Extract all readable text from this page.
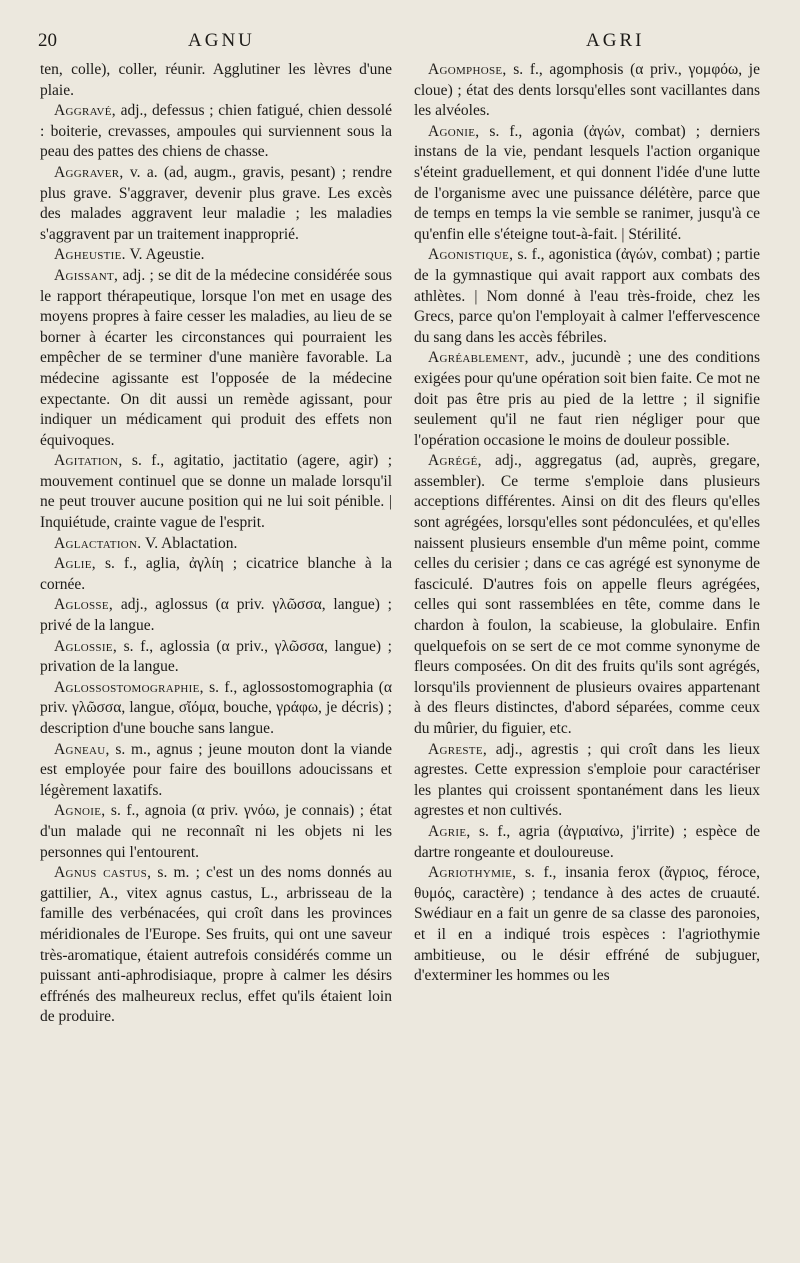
20	AGNU	AGRI

ten, colle), coller, réunir. Agglutiner les lèvres d'une plaie.

Aggravé, adj., defessus ; chien fatigué, chien dessolé : boiterie, crevasses, ampoules qui surviennent sous la peau des pattes des chiens de chasse.

Aggraver, v. a. (ad, augm., gravis, pesant) ; rendre plus grave. S'aggraver, devenir plus grave. Les excès des malades aggravent leur maladie ; les maladies s'aggravent par un traitement inapproprié.

Agheustie. V. Ageustie.

Agissant, adj. ; se dit de la médecine considérée sous le rapport thérapeutique, lorsque l'on met en usage des moyens propres à faire cesser les maladies, au lieu de se borner à écarter les circonstances qui pourraient les empêcher de se terminer d'une manière favorable. La médecine agissante est l'opposée de la médecine expectante. On dit aussi un remède agissant, pour indiquer un médicament qui produit des effets non équivoques.

Agitation, s. f., agitatio, jactitatio (agere, agir) ; mouvement continuel que se donne un malade lorsqu'il ne peut trouver aucune position qui ne lui soit pénible. | Inquiétude, crainte vague de l'esprit.

Aglactation. V. Ablactation.

Aglie, s. f., aglia, ἀγλίη ; cicatrice blanche à la cornée.

Aglosse, adj., aglossus (α priv. γλῶσσα, langue) ; privé de la langue.

Aglossie, s. f., aglossia (α priv., γλῶσσα, langue) ; privation de la langue.

Aglossostomographie, s. f., aglossostomographia (α priv. γλῶσσα, langue, σἴόμα, bouche, γράφω, je décris) ; description d'une bouche sans langue.

Agneau, s. m., agnus ; jeune mouton dont la viande est employée pour faire des bouillons adoucissans et légèrement laxatifs.

Agnoie, s. f., agnoia (α priv. γνόω, je connais) ; état d'un malade qui ne reconnaît ni les objets ni les personnes qui l'entourent.

Agnus castus, s. m. ; c'est un des noms donnés au gattilier, A., vitex agnus castus, L., arbrisseau de la famille des verbénacées, qui croît dans les provinces méridionales de l'Europe. Ses fruits, qui ont une saveur très-aromatique, étaient autrefois considérés comme un puissant anti-aphrodisiaque, propre à calmer les désirs effrénés des malheureux reclus, effet qu'ils étaient loin de produire.

Agomphose, s. f., agomphosis (α priv., γομφόω, je cloue) ; état des dents lorsqu'elles sont vacillantes dans les alvéoles.

Agonie, s. f., agonia (ἀγών, combat) ; derniers instans de la vie, pendant lesquels l'action organique s'éteint graduellement, et qui donnent l'idée d'une lutte de l'organisme avec une puissance délétère, parce que de temps en temps la vie semble se ranimer, jusqu'à ce qu'enfin elle s'éteigne tout-à-fait. | Stérilité.

Agonistique, s. f., agonistica (ἀγών, combat) ; partie de la gymnastique qui avait rapport aux combats des athlètes. | Nom donné à l'eau très-froide, chez les Grecs, parce qu'on l'employait à calmer l'effervescence du sang dans les accès fébriles.

Agréablement, adv., jucundè ; une des conditions exigées pour qu'une opération soit bien faite. Ce mot ne doit pas être pris au pied de la lettre ; il signifie seulement qu'il ne faut rien négliger pour que l'opération occasione le moins de douleur possible.

Agrégé, adj., aggregatus (ad, auprès, gregare, assembler). Ce terme s'emploie dans plusieurs acceptions différentes. Ainsi on dit des fleurs qu'elles sont agrégées, lorsqu'elles sont pédonculées, et qu'elles naissent plusieurs ensemble d'un même point, comme celles du cerisier ; dans ce cas agrégé est synonyme de fasciculé. D'autres fois on appelle fleurs agrégées, celles qui sont rassemblées en tête, comme dans le chardon à foulon, la scabieuse, la globulaire. Enfin quelquefois on se sert de ce mot comme synonyme de fleurs composées. On dit des fruits qu'ils sont agrégés, lorsqu'ils proviennent de plusieurs ovaires appartenant à des fleurs distinctes, d'abord séparées, comme ceux du mûrier, du figuier, etc.

Agreste, adj., agrestis ; qui croît dans les lieux agrestes. Cette expression s'emploie pour caractériser les plantes qui croissent spontanément dans les lieux agrestes et non cultivés.

Agrie, s. f., agria (ἀγριαίνω, j'irrite) ; espèce de dartre rongeante et douloureuse.

Agriothymie, s. f., insania ferox (ἄγριος, féroce, θυμός, caractère) ; tendance à des actes de cruauté. Swédiaur en a fait un genre de sa classe des paronoies, et il en a indiqué trois espèces : l'agriothymie ambitieuse, ou le désir effréné de subjuguer, d'exterminer les hommes ou les
